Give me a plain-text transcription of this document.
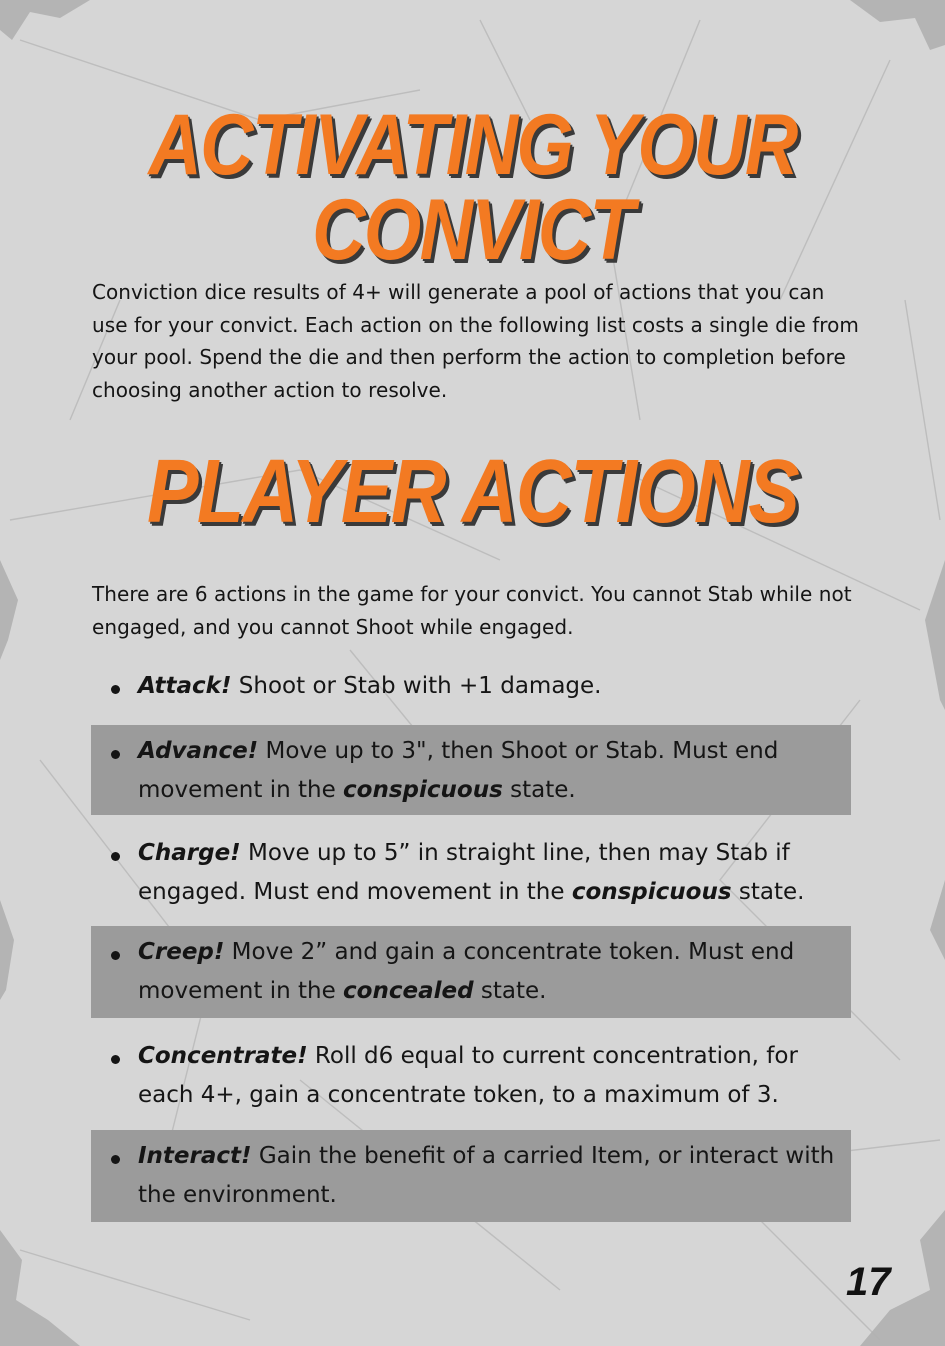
ACTIVATING YOUR
CONVICT

Conviction dice results of 4+ will generate a pool of actions that you can use for your convict. Each action on the following list costs a single die from your pool. Spend the die and then perform the action to completion before choosing another action to resolve.

PLAYER ACTIONS

There are 6 actions in the game for your convict. You cannot Stab while not engaged, and you cannot Shoot while engaged.

Attack! Shoot or Stab with +1 damage.
Advance! Move up to 3", then Shoot or Stab. Must end movement in the conspicuous state.
Charge! Move up to 5” in straight line, then may Stab if engaged. Must end movement in the conspicuous state.
Creep! Move 2” and gain a concentrate token. Must end movement in the concealed state.
Concentrate! Roll d6 equal to current concentration, for each 4+, gain a concentrate token, to a maximum of 3.
Interact! Gain the benefit of a carried Item, or interact with the environment.
17
